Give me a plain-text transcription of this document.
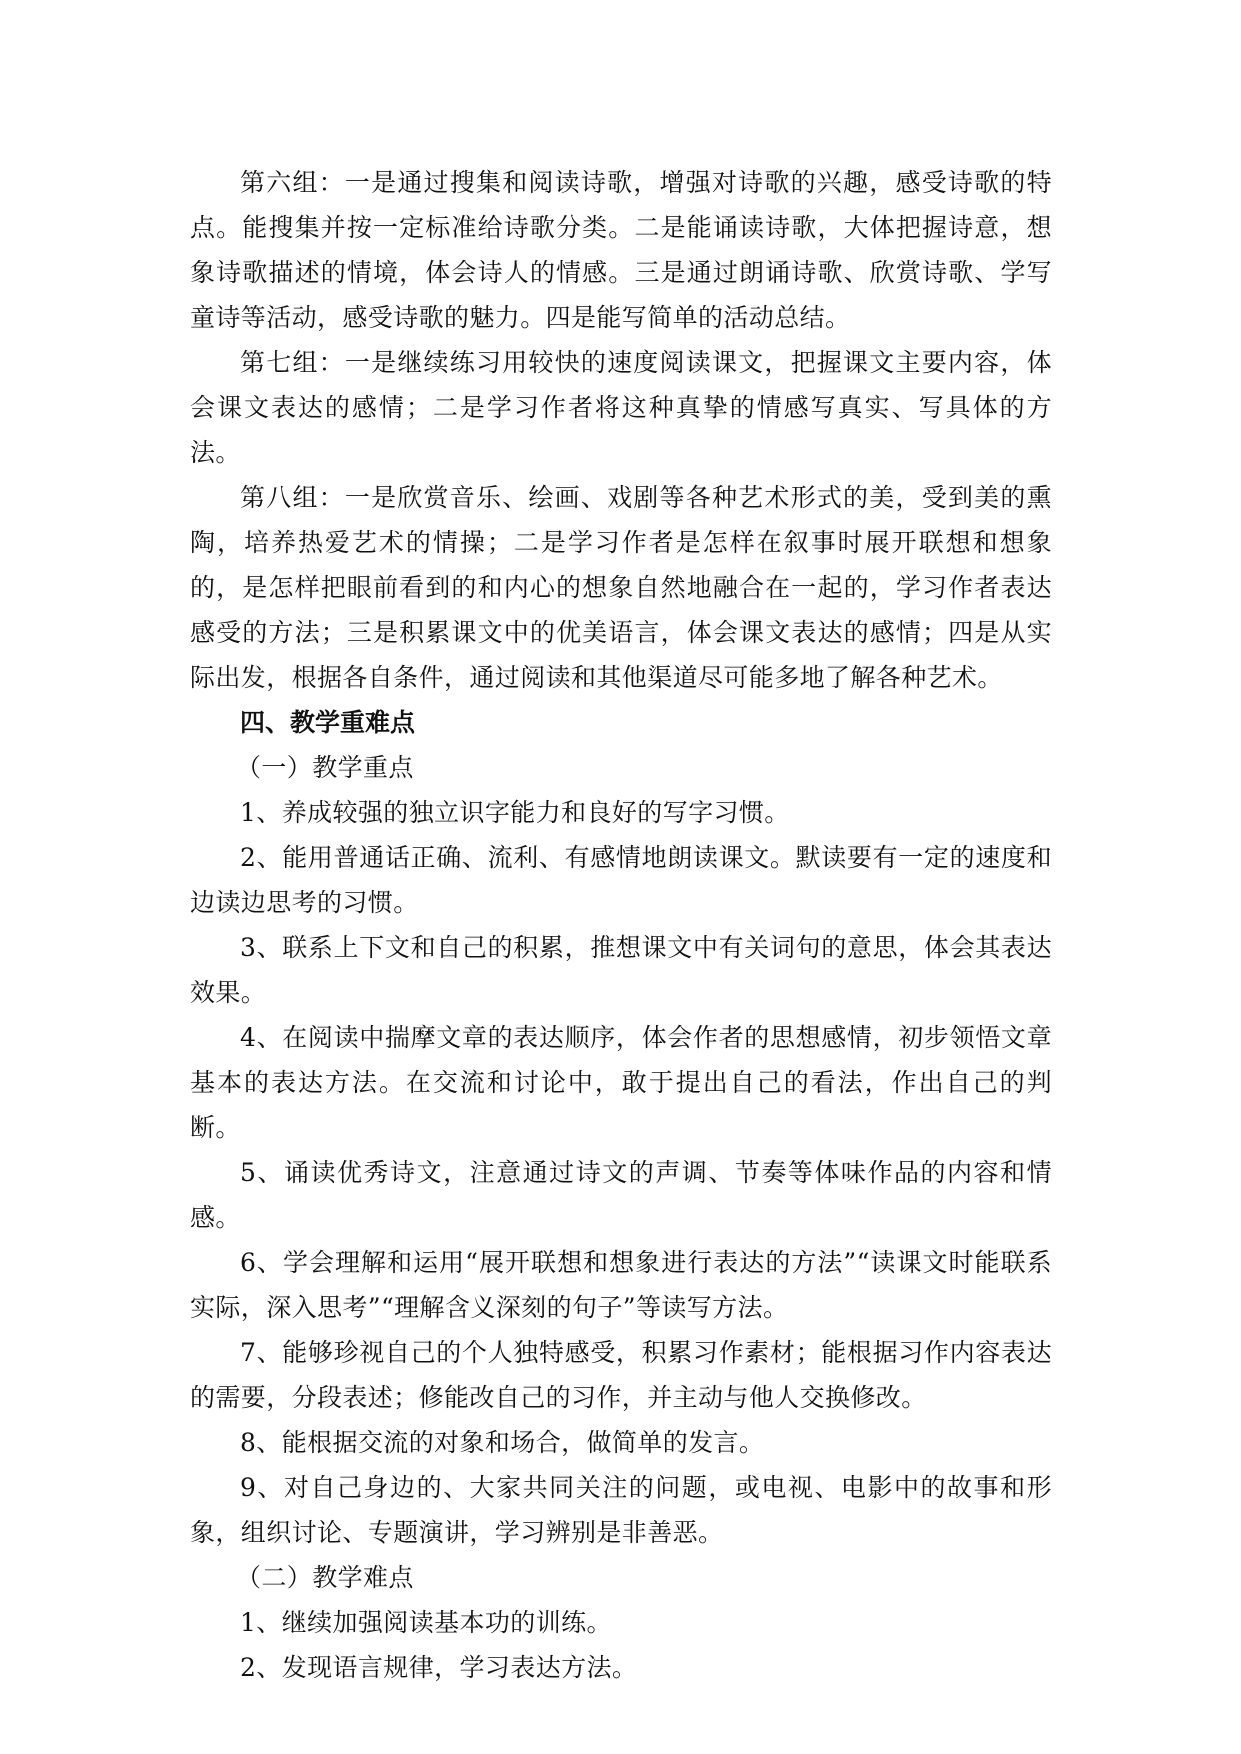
第六组：一是通过搜集和阅读诗歌，增强对诗歌的兴趣，感受诗歌的特点。能搜集并按一定标准给诗歌分类。二是能诵读诗歌，大体把握诗意，想象诗歌描述的情境，体会诗人的情感。三是通过朗诵诗歌、欣赏诗歌、学写童诗等活动，感受诗歌的魅力。四是能写简单的活动总结。

第七组：一是继续练习用较快的速度阅读课文，把握课文主要内容，体会课文表达的感情；二是学习作者将这种真挚的情感写真实、写具体的方法。

第八组：一是欣赏音乐、绘画、戏剧等各种艺术形式的美，受到美的熏陶，培养热爱艺术的情操；二是学习作者是怎样在叙事时展开联想和想象的，是怎样把眼前看到的和内心的想象自然地融合在一起的，学习作者表达感受的方法；三是积累课文中的优美语言，体会课文表达的感情；四是从实际出发，根据各自条件，通过阅读和其他渠道尽可能多地了解各种艺术。

四、教学重难点

（一）教学重点

1、养成较强的独立识字能力和良好的写字习惯。

2、能用普通话正确、流利、有感情地朗读课文。默读要有一定的速度和边读边思考的习惯。

3、联系上下文和自己的积累，推想课文中有关词句的意思，体会其表达效果。

4、在阅读中揣摩文章的表达顺序，体会作者的思想感情，初步领悟文章基本的表达方法。在交流和讨论中，敢于提出自己的看法，作出自己的判断。

5、诵读优秀诗文，注意通过诗文的声调、节奏等体味作品的内容和情感。

6、学会理解和运用“展开联想和想象进行表达的方法”“读课文时能联系实际，深入思考”“理解含义深刻的句子”等读写方法。

7、能够珍视自己的个人独特感受，积累习作素材；能根据习作内容表达的需要，分段表述；修能改自己的习作，并主动与他人交换修改。

8、能根据交流的对象和场合，做简单的发言。

9、对自己身边的、大家共同关注的问题，或电视、电影中的故事和形象，组织讨论、专题演讲，学习辨别是非善恶。

（二）教学难点

1、继续加强阅读基本功的训练。

2、发现语言规律，学习表达方法。
